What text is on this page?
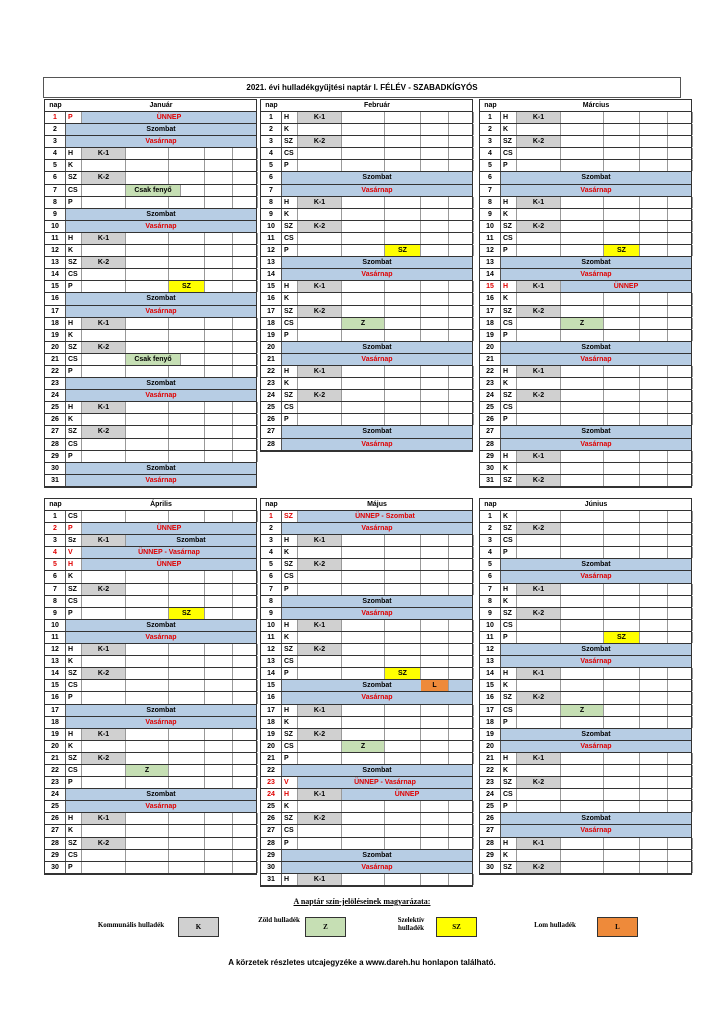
2021. évi hulladékgyűjtési naptár I. FÉLÉV - SZABADKÍGYÓS
nap	Január
1	P	ÜNNEP
2	Szombat
3	Vasárnap
4	H	K-1
5	K
6	SZ	K-2
7	CS	Csak fenyő
8	P
9	Szombat
10	Vasárnap
11	H	K-1
12	K
13	SZ	K-2
14	CS
15	P	SZ
16	Szombat
17	Vasárnap
18	H	K-1
19	K
20	SZ	K-2
21	CS	Csak fenyő
22	P
23	Szombat
24	Vasárnap
25	H	K-1
26	K
27	SZ	K-2
28	CS
29	P
30	Szombat
31	Vasárnap
nap	Február
1	H	K-1
2	K
3	SZ	K-2
4	CS
5	P
6	Szombat
7	Vasárnap
8	H	K-1
9	K
10	SZ	K-2
11	CS
12	P	SZ
13	Szombat
14	Vasárnap
15	H	K-1
16	K
17	SZ	K-2
18	CS	Z
19	P
20	Szombat
21	Vasárnap
22	H	K-1
23	K
24	SZ	K-2
25	CS
26	P
27	Szombat
28	Vasárnap
nap	Március
1	H	K-1
2	K
3	SZ	K-2
4	CS
5	P
6	Szombat
7	Vasárnap
8	H	K-1
9	K
10	SZ	K-2
11	CS
12	P	SZ
13	Szombat
14	Vasárnap
15	H	K-1	ÜNNEP
16	K
17	SZ	K-2
18	CS	Z
19	P
20	Szombat
21	Vasárnap
22	H	K-1
23	K
24	SZ	K-2
25	CS
26	P
27	Szombat
28	Vasárnap
29	H	K-1
30	K
31	SZ	K-2
nap	Április
1	CS
2	P	ÜNNEP
3	Sz	K-1	Szombat
4	V	ÜNNEP - Vasárnap
5	H	ÜNNEP
6	K
7	SZ	K-2
8	CS
9	P	SZ
10	Szombat
11	Vasárnap
12	H	K-1
13	K
14	SZ	K-2
15	CS
16	P
17	Szombat
18	Vasárnap
19	H	K-1
20	K
21	SZ	K-2
22	CS	Z
23	P
24	Szombat
25	Vasárnap
26	H	K-1
27	K
28	SZ	K-2
29	CS
30	P
nap	Május
1	SZ	ÜNNEP - Szombat
2	Vasárnap
3	H	K-1
4	K
5	SZ	K-2
6	CS
7	P
8	Szombat
9	Vasárnap
10	H	K-1
11	K
12	SZ	K-2
13	CS
14	P	SZ
15	Szombat	L
16	Vasárnap
17	H	K-1
18	K
19	SZ	K-2
20	CS	Z
21	P
22	Szombat
23	V	ÜNNEP - Vasárnap
24	H	K-1	ÜNNEP
25	K
26	SZ	K-2
27	CS
28	P
29	Szombat
30	Vasárnap
31	H	K-1
nap	Június
1	K
2	SZ	K-2
3	CS
4	P
5	Szombat
6	Vasárnap
7	H	K-1
8	K
9	SZ	K-2
10	CS
11	P	SZ
12	Szombat
13	Vasárnap
14	H	K-1
15	K
16	SZ	K-2
17	CS	Z
18	P
19	Szombat
20	Vasárnap
21	H	K-1
22	K
23	SZ	K-2
24	CS
25	P
26	Szombat
27	Vasárnap
28	H	K-1
29	K
30	SZ	K-2
A naptár szín-jelöléseinek magyarázata:
Kommunális hulladék	K
Zöld hulladék
Z
Szelektív hulladék	SZ	Lom hulladék	L
A körzetek részletes utcajegyzéke a www.dareh.hu honlapon található.
